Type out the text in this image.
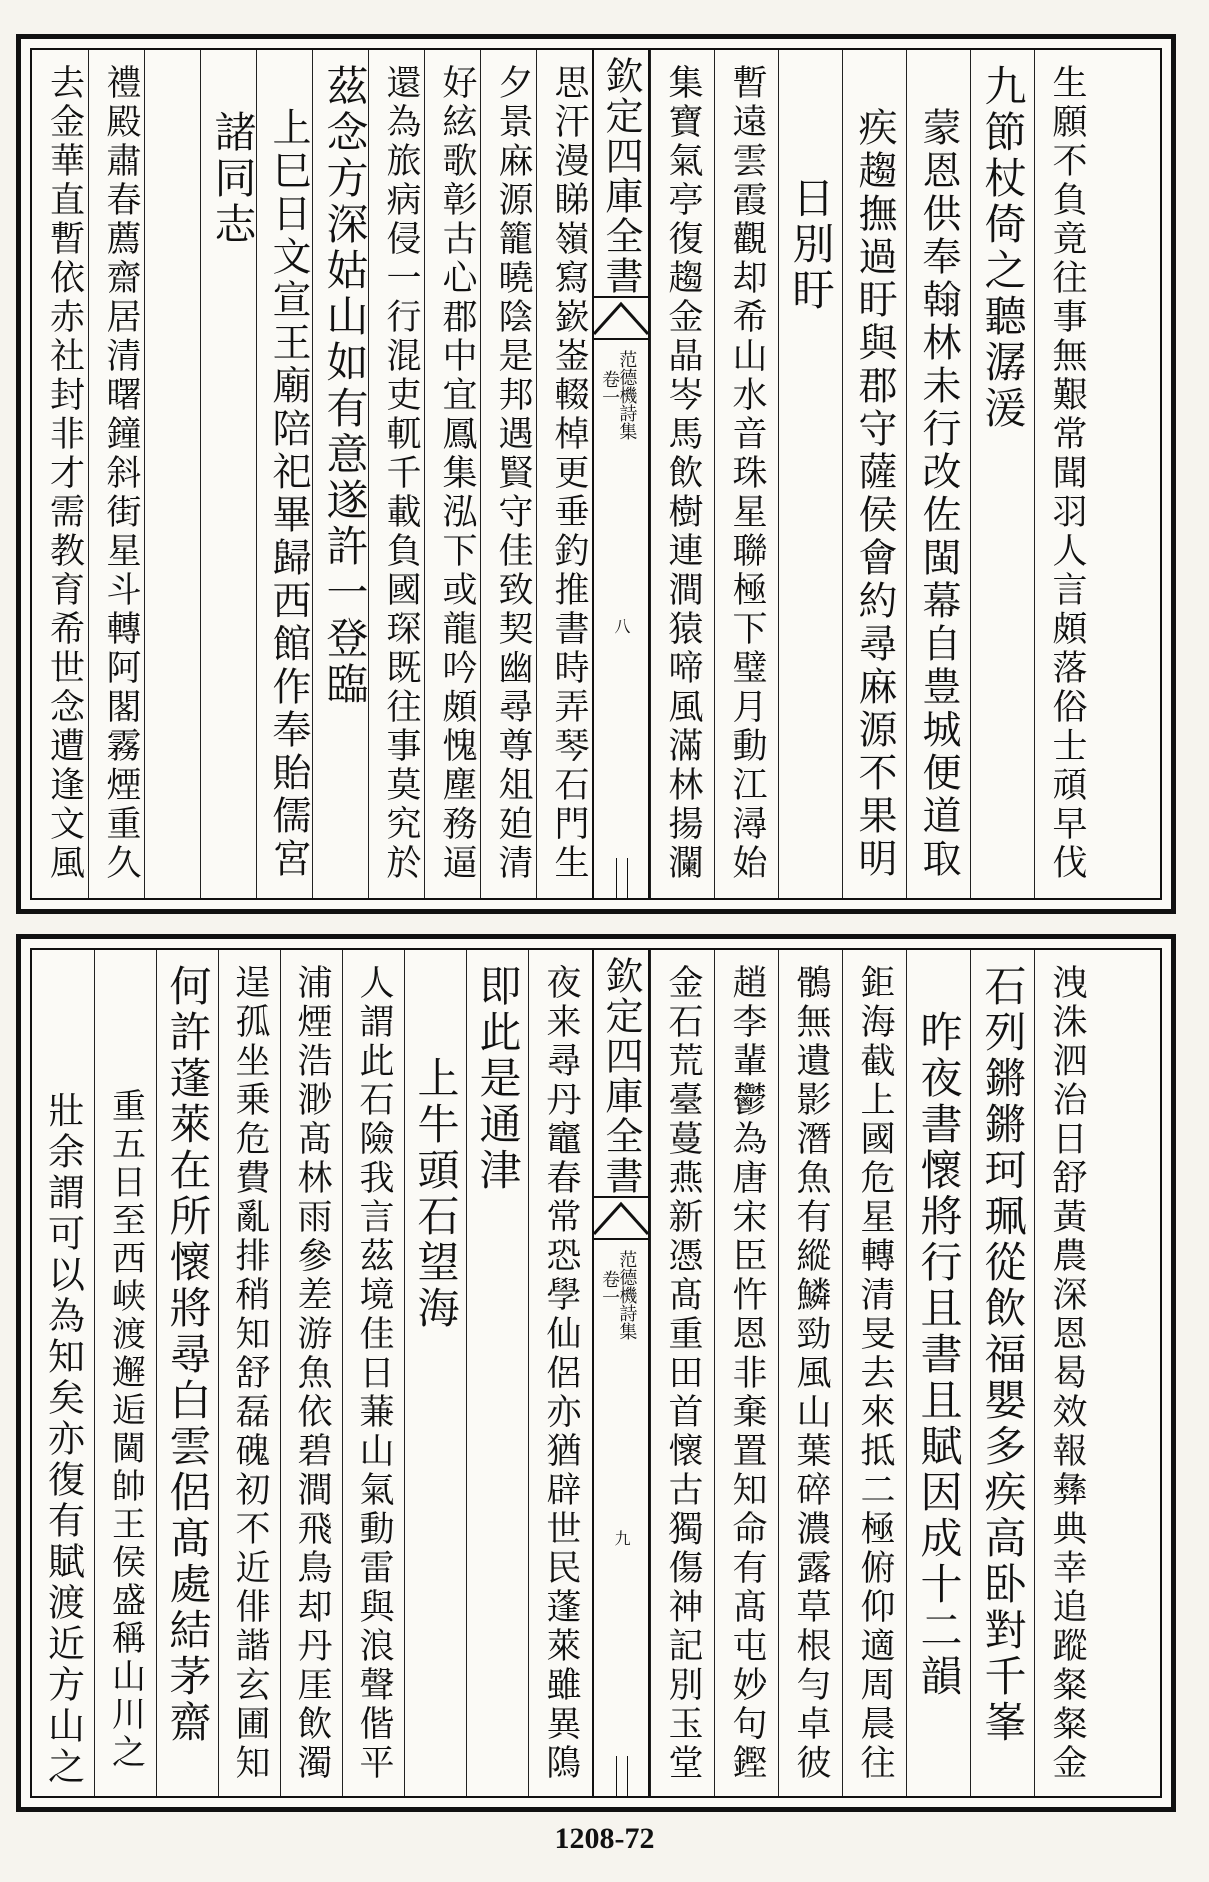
去金華直暫依赤社封非才需教育希世念遭逢文風 禮殿肅春薦齋居清曙鐘斜街星斗轉阿閣霧煙重久 　諸同志 　上巳日文宣王廟陪祀畢歸西館作奉貽儒宮 茲念方深姑山如有意遂許一登臨 還為旅病侵一行混吏軏千載負國琛既往事莫究於 好絃歌彰古心郡中宜鳳集泓下或龍吟頗愧塵務逼 夕景麻源籠曉陰是邦遇賢守佳致契幽尋尊俎廹清 思汗漫睇嶺寫嶔崟輟棹更垂釣推書時弄琴石門生 欽定四庫全書
范德機詩集
卷一
八 集寶氣亭復趨金晶岑馬飲樹連澗猿啼風滿林揚瀾 暫遠雲霞觀却希山水音珠星聯極下璧月動江潯始 　日別盱 　疾趨撫過盱與郡守薩侯會約尋麻源不果明 　蒙恩供奉翰林未行改佐閩幕自豊城便道取 九節杖倚之聽潺湲 生願不負竟往事無艱常聞羽人言頗落俗士頑早伐
　壯余謂可以為知矣亦復有賦渡近方山之 　重五日至西峡渡邂逅閫帥王侯盛稱山川之 何許蓬萊在所懷將尋白雲侶髙處結茅齋 逞孤坐乗危費亂排稍知舒磊磈初不近俳諧玄圃知 浦煙浩渺髙林雨參差游魚依碧澗飛鳥却丹厓飲濁 人謂此石險我言茲境佳日蒹山氣動雷與浪聲偕平 　上牛頭石望海 即此是通津 夜来尋丹竈春常恐學仙侶亦猶辟世民蓬萊雖異隝 欽定四庫全書
范德機詩集
卷一
九 金石荒臺蔓燕新憑髙重田首懷古獨傷神記別玉堂 趙李輩鬱為唐宋臣忤恩非棄置知命有髙屯妙句鏗 鶻無遺影潛魚有縱鱗勁風山葉碎濃露草根勻卓彼 鉅海截上國危星轉清旻去來抵二極俯仰適周晨往 　昨夜書懷將行且書且賦因成十二韻 石列鏘鏘珂珮從飲福嬰多疾高卧對千峯 洩洙泗治日舒黃農深恩曷效報彝典幸追蹤粲粲金
1208-72
